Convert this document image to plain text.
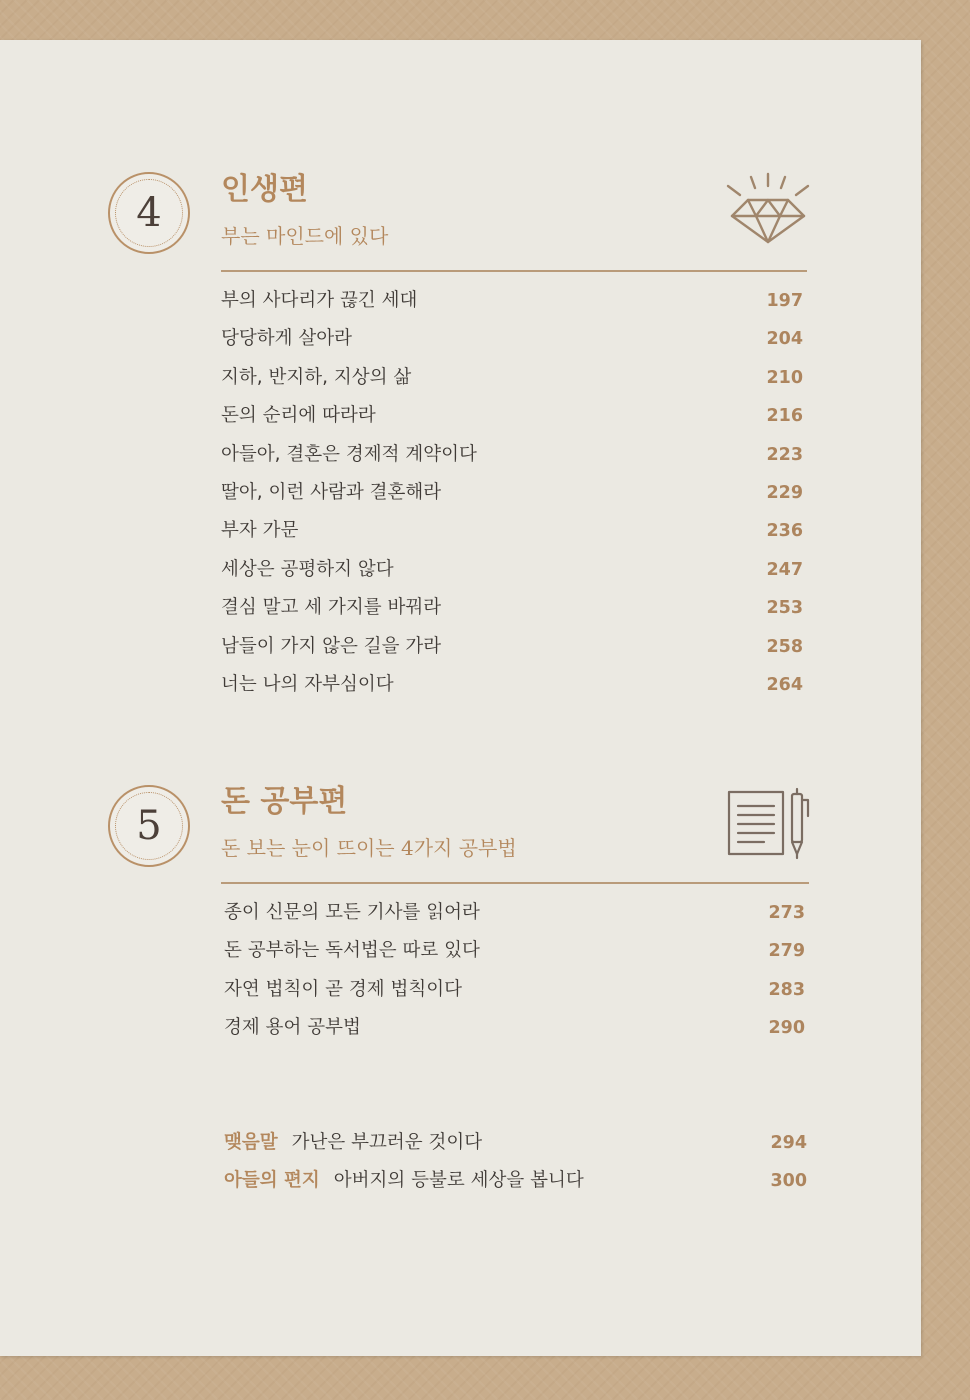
4
인생편
부는 마인드에 있다
부의 사다리가 끊긴 세대	197
당당하게 살아라	204
지하, 반지하, 지상의 삶	210
돈의 순리에 따라라	216
아들아, 결혼은 경제적 계약이다	223
딸아, 이런 사람과 결혼해라	229
부자 가문	236
세상은 공평하지 않다	247
결심 말고 세 가지를 바꿔라	253
남들이 가지 않은 길을 가라	258
너는 나의 자부심이다	264
5
돈 공부편
돈 보는 눈이 뜨이는 4가지 공부법
종이 신문의 모든 기사를 읽어라	273
돈 공부하는 독서법은 따로 있다	279
자연 법칙이 곧 경제 법칙이다	283
경제 용어 공부법	290
맺음말 가난은 부끄러운 것이다	294
아들의 편지 아버지의 등불로 세상을 봅니다	300
